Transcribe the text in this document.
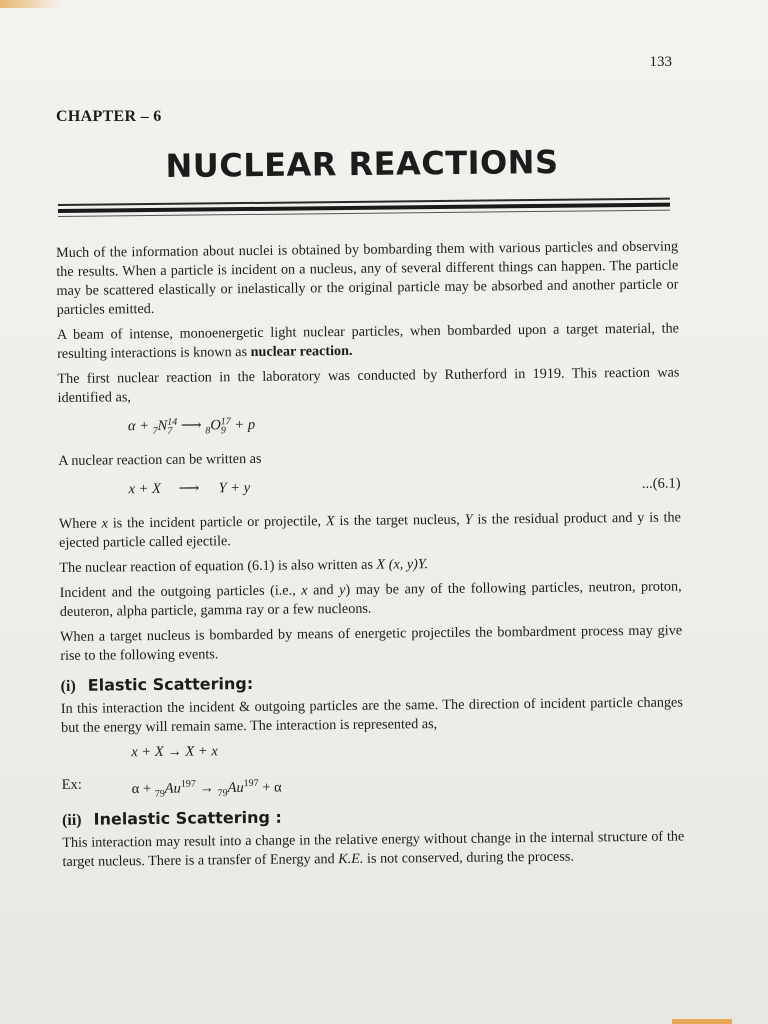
133
CHAPTER – 6
NUCLEAR REACTIONS

Much of the information about nuclei is obtained by bombarding them with various particles and observing the results. When a particle is incident on a nucleus, any of several different things can happen. The particle may be scattered elastically or inelastically or the original particle may be absorbed and another particle or particles emitted.

A beam of intense, monoenergetic light nuclear particles, when bombarded upon a target material, the resulting interactions is known as nuclear reaction.

The first nuclear reaction in the laboratory was conducted by Rutherford in 1919. This reaction was identified as,

α + $_7$N 14
7 ⟶ $_8$O 17
9 + p

A nuclear reaction can be written as

x + X ⟶ Y + y	...(6.1)

Where x is the incident particle or projectile, X is the target nucleus, Y is the residual product and y is the ejected particle called ejectile.

The nuclear reaction of equation (6.1) is also written as X (x, y)Y.

Incident and the outgoing particles (i.e., x and y) may be any of the following particles, neutron, proton, deuteron, alpha particle, gamma ray or a few nucleons.

When a target nucleus is bombarded by means of energetic projectiles the bombardment process may give rise to the following events.

(i) Elastic Scattering:

In this interaction the incident & outgoing particles are the same. The direction of incident particle changes but the energy will remain same. The interaction is represented as,

x + X → X + x
Ex:	$\alpha + _{79}Au^{197} \to _{79}Au^{197} + \alpha$
(ii) Inelastic Scattering :

This interaction may result into a change in the relative energy without change in the internal structure of the target nucleus. There is a transfer of Energy and K.E. is not conserved, during the process.
